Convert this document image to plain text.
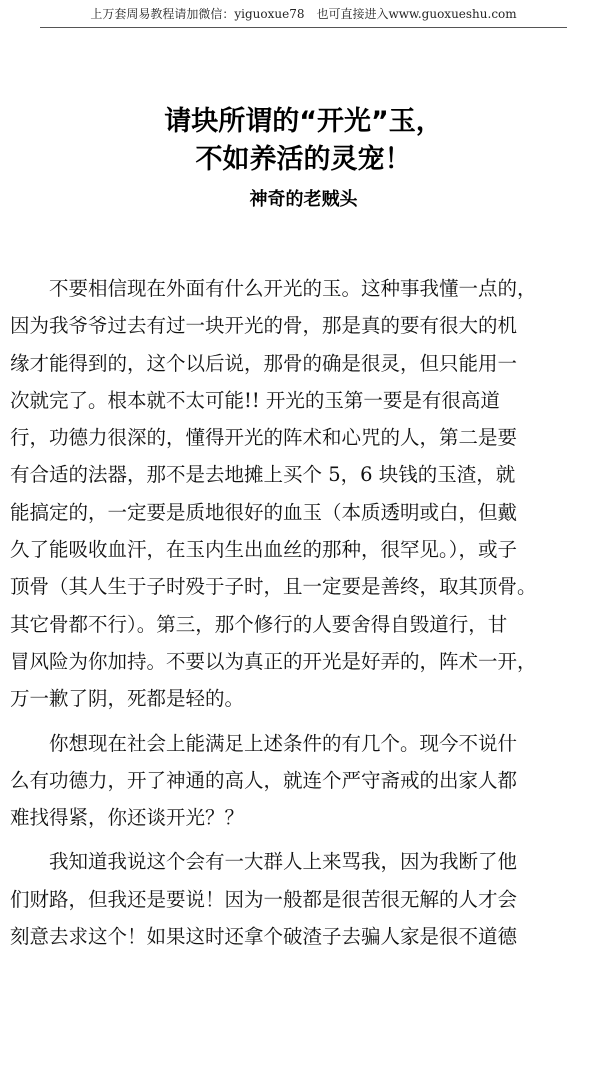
上万套周易教程请加微信：yiguoxue78　也可直接进入www.guoxueshu.com
请块所谓的“开光”玉，
不如养活的灵宠！
神奇的老贼头
　　不要相信现在外面有什么开光的玉。这种事我懂一点的，
因为我爷爷过去有过一块开光的骨，那是真的要有很大的机
缘才能得到的，这个以后说，那骨的确是很灵，但只能用一
次就完了。根本就不太可能!! 开光的玉第一要是有很高道
行，功德力很深的，懂得开光的阵术和心咒的人，第二是要
有合适的法器，那不是去地摊上买个 5，6 块钱的玉渣，就
能搞定的，一定要是质地很好的血玉（本质透明或白，但戴
久了能吸收血汗，在玉内生出血丝的那种，很罕见。），或子
顶骨（其人生于子时殁于子时，且一定要是善终，取其顶骨。
其它骨都不行）。第三，那个修行的人要舍得自毁道行，甘
冒风险为你加持。不要以为真正的开光是好弄的，阵术一开，
万一歉了阴，死都是轻的。
　　你想现在社会上能满足上述条件的有几个。现今不说什
么有功德力，开了神通的高人，就连个严守斋戒的出家人都
难找得紧，你还谈开光？？
　　我知道我说这个会有一大群人上来骂我，因为我断了他
们财路，但我还是要说！因为一般都是很苦很无解的人才会
刻意去求这个！如果这时还拿个破渣子去骗人家是很不道德
